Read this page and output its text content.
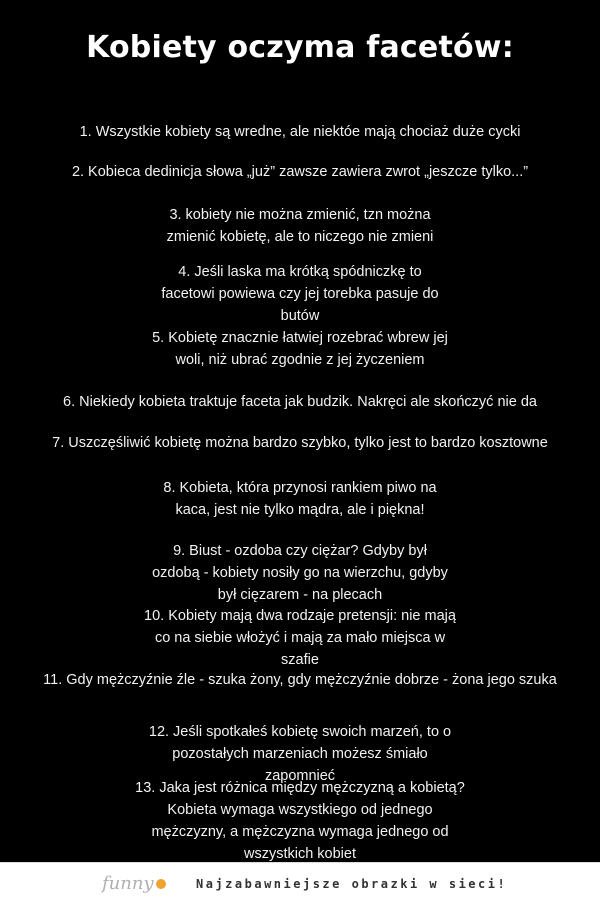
Kobiety oczyma facetów:
1. Wszystkie kobiety są wredne, ale niektóe mają chociaż duże cycki
2. Kobieca dedinicja słowa „już” zawsze zawiera zwrot „jeszcze tylko...”
3. kobiety nie można zmienić, tzn można zmienić kobietę, ale to niczego nie zmieni
4. Jeśli laska ma krótką spódniczkę to facetowi powiewa czy jej torebka pasuje do butów
5. Kobietę znacznie łatwiej rozebrać wbrew jej woli, niż ubrać zgodnie z jej życzeniem
6. Niekiedy kobieta traktuje faceta jak budzik. Nakręci ale skończyć nie da
7. Uszczęśliwić kobietę można bardzo szybko, tylko jest to bardzo kosztowne
8. Kobieta, która przynosi rankiem piwo na kaca, jest nie tylko mądra, ale i piękna!
9. Biust - ozdoba czy ciężar? Gdyby był ozdobą - kobiety nosiły go na wierzchu, gdyby był cięzarem - na plecach
10. Kobiety mają dwa rodzaje pretensji: nie mają co na siebie włożyć i mają za mało miejsca w szafie
11. Gdy mężczyźnie źle - szuka żony, gdy mężczyźnie dobrze - żona jego szuka
12. Jeśli spotkałeś kobietę swoich marzeń, to o pozostałych marzeniach możesz śmiało zapomnieć
13. Jaka jest różnica między mężczyzną a kobietą? Kobieta wymaga wszystkiego od jednego mężczyzny, a mężczyzna wymaga jednego od wszystkich kobiet
funny	Najzabawniejsze obrazki w sieci!
